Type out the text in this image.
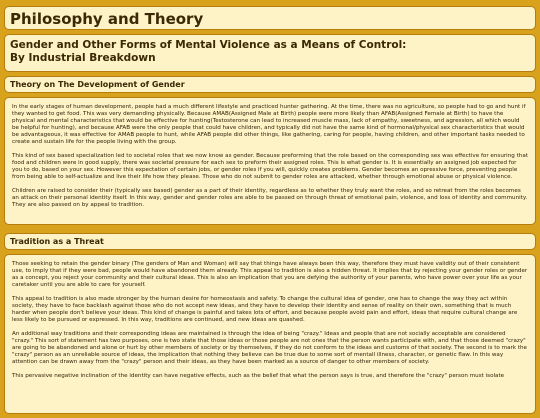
Philosophy and Theory
Gender and Other Forms of Mental Violence as a Means of Control:
By Industrial Breakdown
Theory on The Development of Gender

In the early stages of human development, people had a much different lifestyle and practiced hunter gathering. At the time, there was no agriculture, so people had to go and hunt if they wanted to get food. This was very demanding physically. Because AMAB(Assigned Male at Birth) people were more likely than AFAB(Assigned Female at Birth) to have the physical and mental characteristics that would be effective for hunting(Testosterone can lead to increased muscle mass, lack of empathy, sweetness, and agression, all which would be helpful for hunting), and because AFAB were the only people that could have children, and typically did not have the same kind of hormonal/physical sex characteristics that would be advantageous, it was effective for AMAB people to hunt, while AFAB people did other things, like gathering, caring for people, having children, and other important tasks needed to create and sustain life for the people living with the group.

This kind of sex based specialization led to societal roles that we now know as gender. Because preforming that the role based on the corresponding sex was effective for ensuring that food and children were in good supply, there was societal pressure for each sex to preform their assigned roles. This is what gender is. It is essentially an assigned job expected for you to do, based on your sex. However this expectation of certain jobs, or gender roles if you will, quickly creates problems. Gender becomes an opressive force, preventing people from being able to self-actualize and live their life how they please. Those who do not submit to gender roles are attacked, whether through emotional abuse or physical violence.

Children are raised to consider their (typically sex based) gender as a part of their identity, regardless as to whether they truly want the roles, and so retreat from the roles becomes an attack on their personal identity itself. In this way, gender and gender roles are able to be passed on through threat of emotional pain, violence, and loss of identity and community. They are also passed on by appeal to tradition.

Tradition as a Threat

Those seeking to retain the gender binary (The genders of Man and Woman) will say that things have always been this way, therefore they must have validity out of their consistent use, to imply that if they were bad, people would have abandoned them already. This appeal to tradition is also a hidden threat. It implies that by rejecting your gender roles or gender as a concept, you reject your community and their cultural ideas. This is also an implication that you are defying the authority of your parents, who have power over your life as your caretaker until you are able to care for yourself.

This appeal to tradition is also made stronger by the human desire for homeostasis and safety. To change the cultural idea of gender, one has to change the way they act within society, they have to face backlash against those who do not accept new ideas, and they have to develop their identity and sense of reality on their own, something that is much harder when people don't believe your ideas. This kind of change is painful and takes lots of effort, and because people avoid pain and effort, ideas that require cultural change are less likely to be pursued or expressed. In this way, traditions are continued, and new ideas are quashed.

An additional way traditions and their corresponding ideas are maintained is through the idea of being "crazy." Ideas and people that are not socially acceptable are considered "crazy." This sort of statement has two purposes, one is two state that those ideas or those people are not ones that the person wants participate with, and that those deemed "crazy" are going to be abandoned and alone or hurt by other members of society or by themselves, if they do not conform to the ideas and customs of that society. The second is to mark the "crazy" person as an unreliable source of ideas, the implication that nothing they believe can be true due to some sort of mentall illness, character, or genetic flaw. In this way attention can be drawn away from the "crazy" person and their ideas, as they have been marked as a source of danger to other members of society.

This pervasive negative inclination of the identity can have negative effects, such as the belief that what the person says is true, and therefore the "crazy" person must isolate
